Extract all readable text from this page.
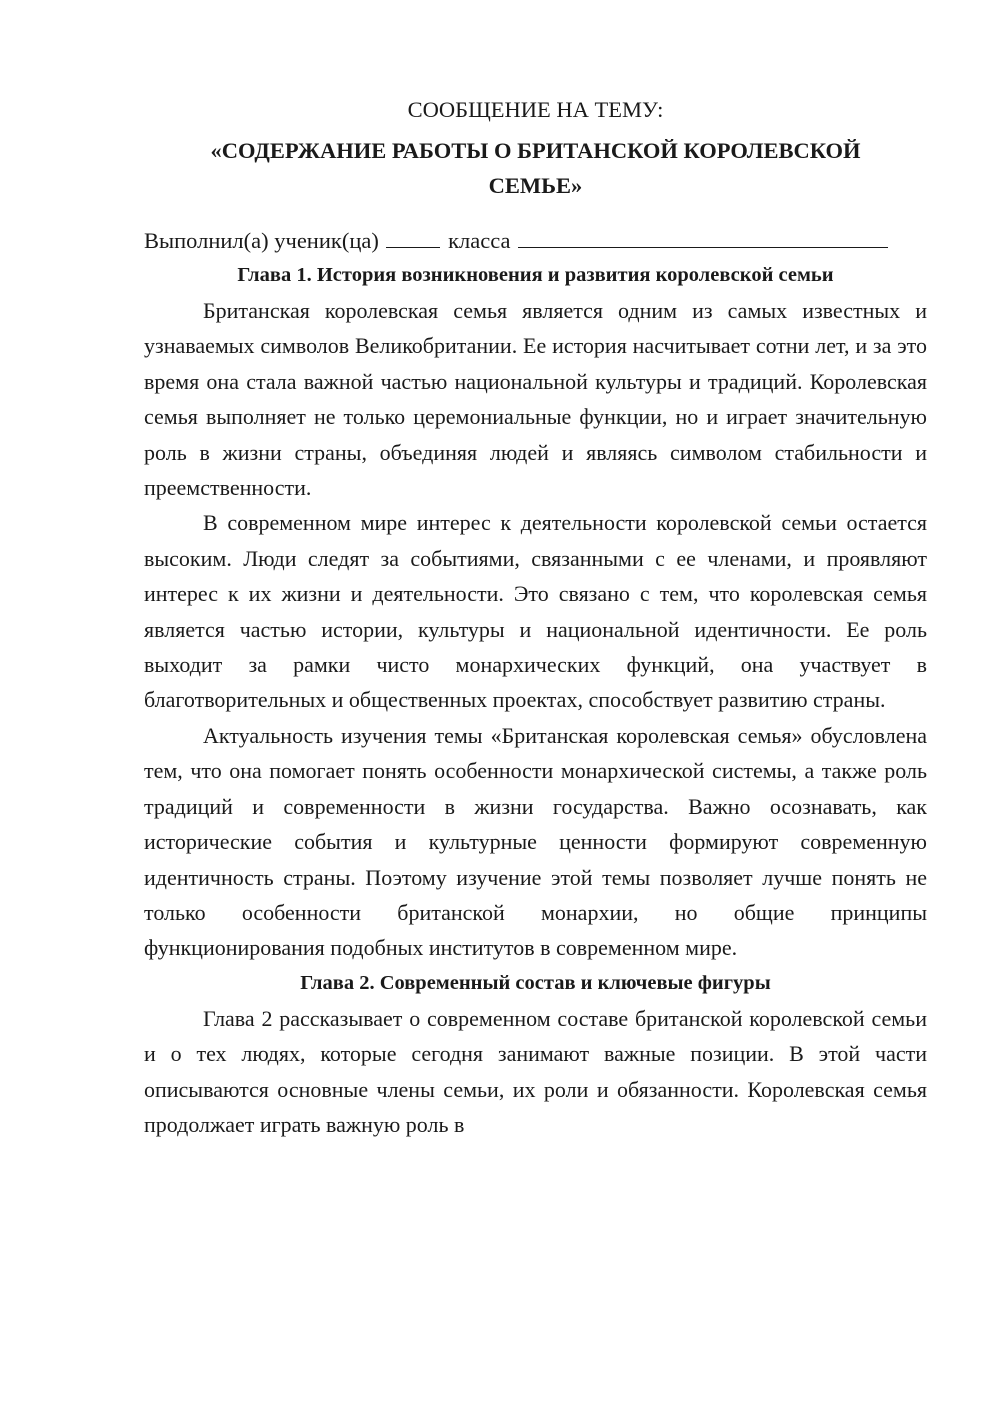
СООБЩЕНИЕ НА ТЕМУ:

«СОДЕРЖАНИЕ РАБОТЫ О БРИТАНСКОЙ КОРОЛЕВСКОЙ СЕМЬЕ»

Выполнил(а) ученик(ца)	класса

Глава 1. История возникновения и развития королевской семьи

Британская королевская семья является одним из самых известных и узнаваемых символов Великобритании. Ее история насчитывает сотни лет, и за это время она стала важной частью национальной культуры и традиций. Королевская семья выполняет не только церемониальные функции, но и играет значительную роль в жизни страны, объединяя людей и являясь символом стабильности и преемственности.

В современном мире интерес к деятельности королевской семьи остается высоким. Люди следят за событиями, связанными с ее членами, и проявляют интерес к их жизни и деятельности. Это связано с тем, что королевская семья является частью истории, культуры и национальной идентичности. Ее роль выходит за рамки чисто монархических функций, она участвует в благотворительных и общественных проектах, способствует развитию страны.

Актуальность изучения темы «Британская королевская семья» обусловлена тем, что она помогает понять особенности монархической системы, а также роль традиций и современности в жизни государства. Важно осознавать, как исторические события и культурные ценности формируют современную идентичность страны. Поэтому изучение этой темы позволяет лучше понять не только особенности британской монархии, но общие принципы функционирования подобных институтов в современном мире.

Глава 2. Современный состав и ключевые фигуры

Глава 2 рассказывает о современном составе британской королевской семьи и о тех людях, которые сегодня занимают важные позиции. В этой части описываются основные члены семьи, их роли и обязанности. Королевская семья продолжает играть важную роль в
